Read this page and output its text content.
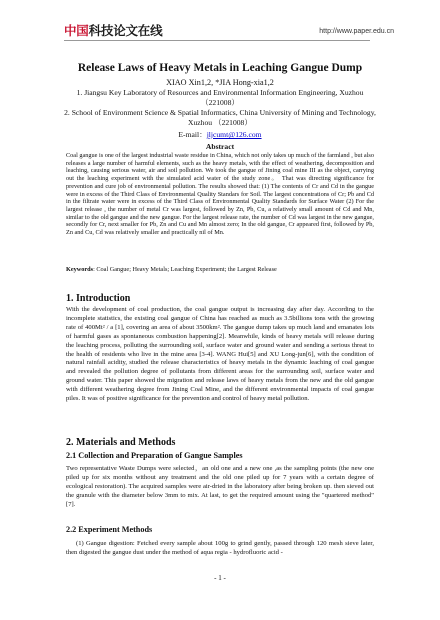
中国 科技论文在线	http://www.paper.edu.cn
Release Laws of Heavy Metals in Leaching Gangue Dump
XIAO Xin1,2, *JIA Hong-xia1,2
1. Jiangsu Key Laboratory of Resources and Environmental Information Engineering, Xuzhou（221008）
2. School of Environment Science & Spatial Informatics, China University of Mining and Technology, Xuzhou （221008）
E-mail：jljcumt@126.com
Abstract
Coal gangue is one of the largest industrial waste residue in China, which not only takes up much of the farmland , but also releases a large number of harmful elements, such as the heavy metals, with the effect of weathering, decomposition and leaching, causing serious water, air and soil pollution. We took the gangue of Jining coal mine III as the object, carrying out the leaching experiment with the simulated acid water of the study zone。 That was directing significance for prevention and cure job of environmental pollution. The results showed that: (1) The contents of Cr and Cd in the gangue were in excess of the Third Class of Environmental Quality Standars for Soil. The largest concentrations of Cr; Pb and Cd in the filtrate water were in excess of the Third Class of Environmental Quality Standards for Surface Water (2) For the largest release , the number of metal Cr was largest, followed by Zn, Pb, Cu, a relatively small amount of Cd and Mn, similar to the old gangue and the new gangue. For the largest release rate, the number of Cd was largest in the new gangue, secondly for Cr, next smaller for Pb, Zn and Cu and Mn almost zero; In the old gangue, Cr appeared first, followed by Pb, Zn and Cu, Cd was relatively smaller and practically nil of Mn.
Keywords: Coal Gangue; Heavy Metals; Leaching Experiment; the Largest Release
1. Introduction
With the development of coal production, the coal gangue output is increasing day after day. According to the incomplete statistics, the existing coal gangue of China has reached as much as 3.5billions tons with the growing rate of 400Mt² / a [1], covering an area of about 3500km². The gangue dump takes up much land and emanates lots of harmful gases as spontaneous combustion happening[2]. Meanwhile, kinds of heavy metals will release during the leaching process, polluting the surrounding soil, surface water and ground water and sending a serious threat to the health of residents who live in the mine area [3-4]. WANG Hui[5] and XU Long-jun[6], with the condition of natural rainfall acidity, studied the release characteristics of heavy metals in the dynamic leaching of coal gangue and revealed the pollution degree of pollutants from different areas for the surrounding soil, surface water and ground water. This paper showed the migration and release laws of heavy metals from the new and the old gangue with different weathering degree from Jining Coal Mine, and the different environmental impacts of coal gangue piles. It was of positive significance for the prevention and control of heavy metal pollution.
2. Materials and Methods
2.1 Collection and Preparation of Gangue Samples
Two representative Waste Dumps were selected，an old one and a new one ,as the sampling points (the new one piled up for six months without any treatment and the old one piled up for 7 years with a certain degree of ecological restoration). The acquired samples were air-dried in the laboratory after being broken up. then sieved out the granule with the diameter below 3mm to mix. At last, to get the required amount using the "quartered method"[7].
2.2 Experiment Methods
(1) Gangue digestion: Fetched every sample about 100g to grind gently, passed through 120 mesh sieve later, then digested the gangue dust under the method of aqua regia - hydrofluoric acid -
- 1 -
